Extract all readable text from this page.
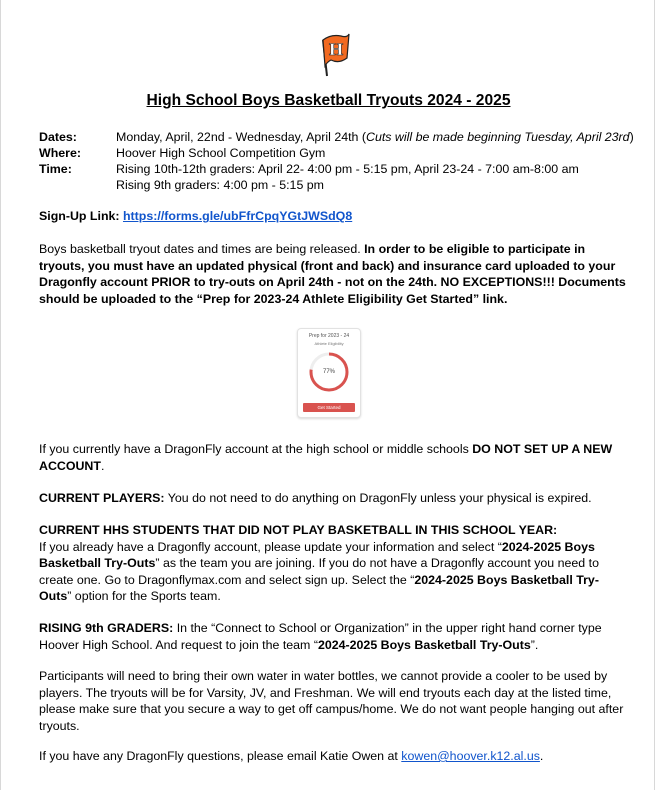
H
High School Boys Basketball Tryouts 2024 - 2025
Dates:	Monday, April, 22nd - Wednesday, April 24th (Cuts will be made beginning Tuesday, April 23rd)
Where:	Hoover High School Competition Gym
Time:	Rising 10th-12th graders: April 22- 4:00 pm - 5:15 pm, April 23-24 - 7:00 am-8:00 am
Rising 9th graders: 4:00 pm - 5:15 pm
Sign-Up Link: https://forms.gle/ubFfrCpqYGtJWSdQ8
Boys basketball tryout dates and times are being released. In order to be eligible to participate in tryouts, you must have an updated physical (front and back) and insurance card uploaded to your Dragonfly account PRIOR to try-outs on April 24th - not on the 24th. NO EXCEPTIONS!!! Documents should be uploaded to the “Prep for 2023-24 Athlete Eligibility Get Started” link.
Prep for 2023 - 24
Athlete Eligibility
77%
Get Started
If you currently have a DragonFly account at the high school or middle schools DO NOT SET UP A NEW ACCOUNT.
CURRENT PLAYERS: You do not need to do anything on DragonFly unless your physical is expired.
CURRENT HHS STUDENTS THAT DID NOT PLAY BASKETBALL IN THIS SCHOOL YEAR:
If you already have a Dragonfly account, please update your information and select “2024-2025 Boys Basketball Try-Outs” as the team you are joining. If you do not have a Dragonfly account you need to create one. Go to Dragonflymax.com and select sign up. Select the “2024-2025 Boys Basketball Try-Outs” option for the Sports team.
RISING 9th GRADERS: In the “Connect to School or Organization” in the upper right hand corner type Hoover High School. And request to join the team “2024-2025 Boys Basketball Try-Outs”.
Participants will need to bring their own water in water bottles, we cannot provide a cooler to be used by players. The tryouts will be for Varsity, JV, and Freshman. We will end tryouts each day at the listed time, please make sure that you secure a way to get off campus/home. We do not want people hanging out after tryouts.
If you have any DragonFly questions, please email Katie Owen at kowen@hoover.k12.al.us.
